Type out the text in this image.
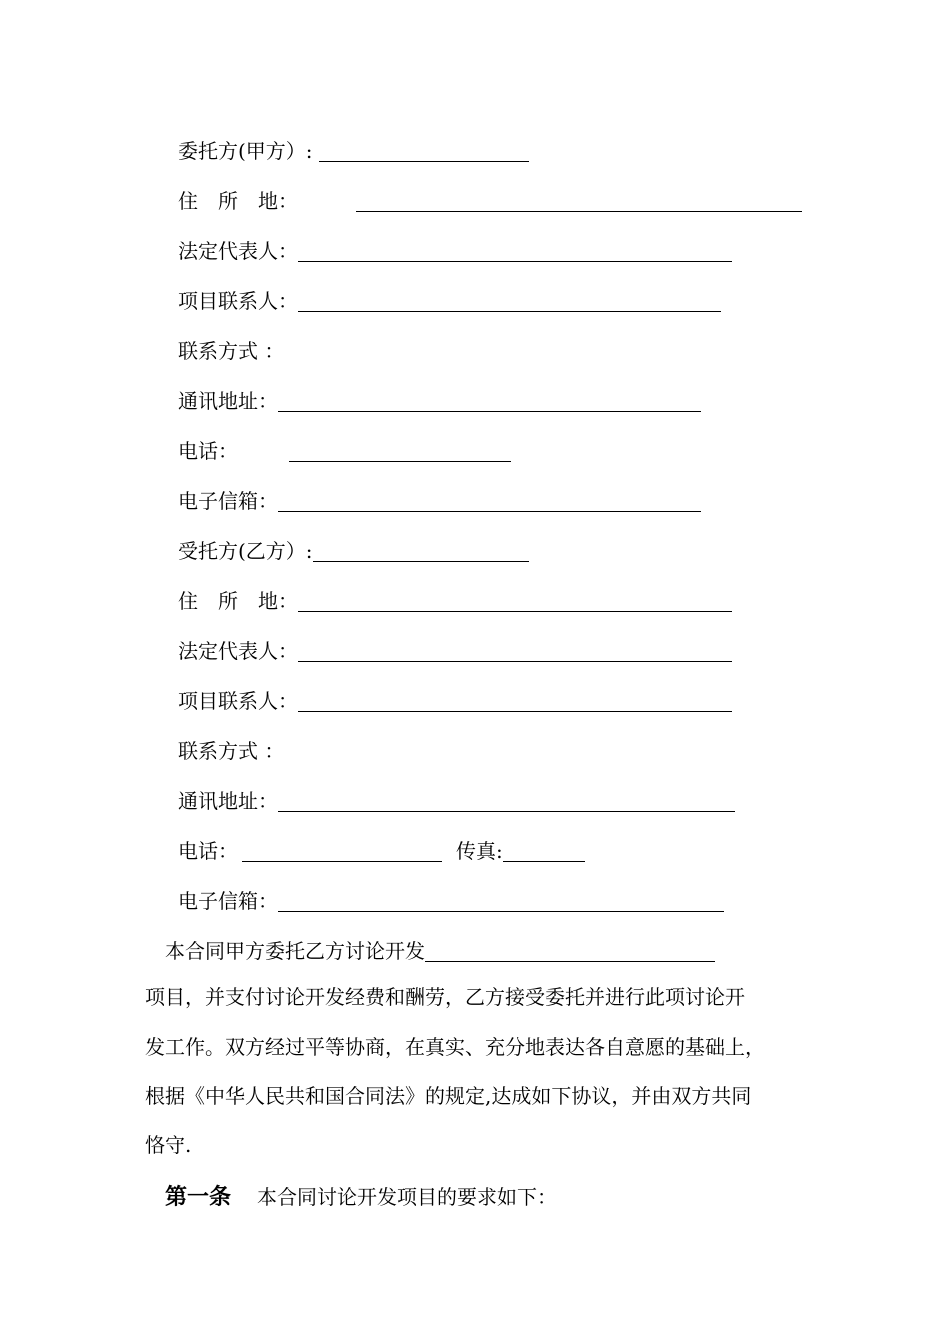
委托方(甲方）:
住　所　地：
法定代表人：
项目联系人：
联系方式 ：
通讯地址：
电话：
电子信箱：
受托方(乙方）:
住　所　地：
法定代表人：
项目联系人：
联系方式 ：
通讯地址：
电话：	传真:
电子信箱：
本合同甲方委托乙方讨论开发
项目，并支付讨论开发经费和酬劳，乙方接受委托并进行此项讨论开
发工作。双方经过平等协商，在真实、充分地表达各自意愿的基础上，
根据《中华人民共和国合同法》的规定,达成如下协议，并由双方共同
恪守.
第一条 本合同讨论开发项目的要求如下：
